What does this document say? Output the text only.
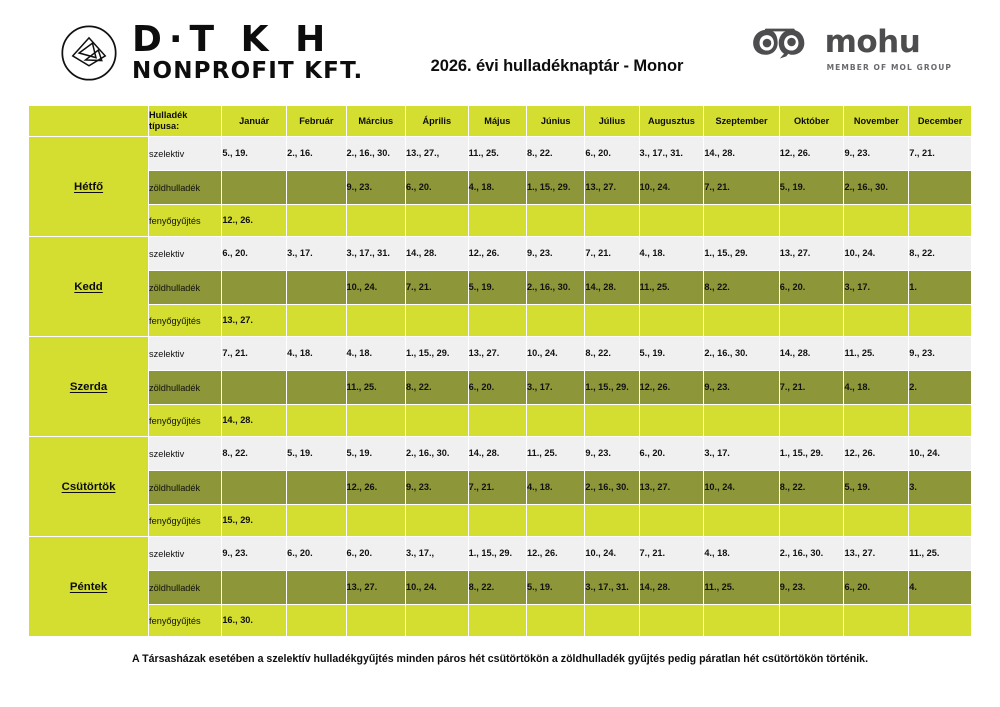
D·T K H
NONPROFIT KFT.	2026. évi hulladéknaptár - Monor
mohu
MEMBER OF MOL GROUP

	Hulladék
típusa:	Január	Február	Március	Április	Május	Június	Július	Augusztus	Szeptember	Október	November	December
Hétfő	szelektiv	5., 19.	2., 16.	2., 16., 30.	13., 27.,	11., 25.	8., 22.	6., 20.	3., 17., 31.	14., 28.	12., 26.	9., 23.	7., 21.
	zöldhulladék			9., 23.	6., 20.	4., 18.	1., 15., 29.	13., 27.	10., 24.	7., 21.	5., 19.	2., 16., 30.	
	fenyőgyűjtés	12., 26.											
Kedd	szelektiv	6., 20.	3., 17.	3., 17., 31.	14., 28.	12., 26.	9., 23.	7., 21.	4., 18.	1., 15., 29.	13., 27.	10., 24.	8., 22.
	zöldhulladék			10., 24.	7., 21.	5., 19.	2., 16., 30.	14., 28.	11., 25.	8., 22.	6., 20.	3., 17.	1.
	fenyőgyűjtés	13., 27.											
Szerda	szelektiv	7., 21.	4., 18.	4., 18.	1., 15., 29.	13., 27.	10., 24.	8., 22.	5., 19.	2., 16., 30.	14., 28.	11., 25.	9., 23.
	zöldhulladék			11., 25.	8., 22.	6., 20.	3., 17.	1., 15., 29.	12., 26.	9., 23.	7., 21.	4., 18.	2.
	fenyőgyűjtés	14., 28.											
Csütörtök	szelektiv	8., 22.	5., 19.	5., 19.	2., 16., 30.	14., 28.	11., 25.	9., 23.	6., 20.	3., 17.	1., 15., 29.	12., 26.	10., 24.
	zöldhulladék			12., 26.	9., 23.	7., 21.	4., 18.	2., 16., 30.	13., 27.	10., 24.	8., 22.	5., 19.	3.
	fenyőgyűjtés	15., 29.											
Péntek	szelektiv	9., 23.	6., 20.	6., 20.	3., 17.,	1., 15., 29.	12., 26.	10., 24.	7., 21.	4., 18.	2., 16., 30.	13., 27.	11., 25.
	zöldhulladék			13., 27.	10., 24.	8., 22.	5., 19.	3., 17., 31.	14., 28.	11., 25.	9., 23.	6., 20.	4.
	fenyőgyűjtés	16., 30.											
A Társasházak esetében a szelektív hulladékgyűjtés minden páros hét csütörtökön a zöldhulladék gyűjtés pedig páratlan hét csütörtökön történik.
